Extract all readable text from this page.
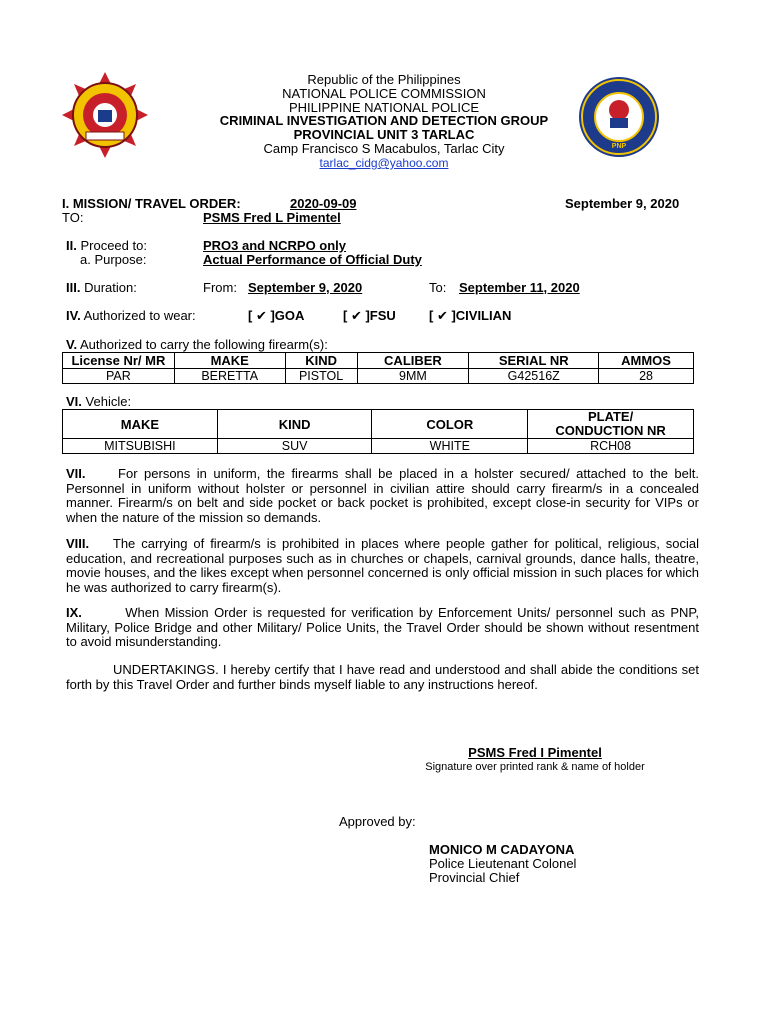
PNP
Republic of the Philippines
NATIONAL POLICE COMMISSION
PHILIPPINE NATIONAL POLICE
CRIMINAL INVESTIGATION AND DETECTION GROUP
PROVINCIAL UNIT 3 TARLAC
Camp Francisco S Macabulos, Tarlac City
tarlac_cidg@yahoo.com
I. MISSION/ TRAVEL ORDER:	2020-09-09	September 9, 2020
TO:	PSMS Fred L Pimentel
II. Proceed to:	PRO3 and NCRPO only
a. Purpose:	Actual Performance of Official Duty
III. Duration:	From: September 9, 2020	To: September 11, 2020
IV. Authorized to wear:	[ ✔ ]GOA	[ ✔ ]FSU	[ ✔ ]CIVILIAN
V. Authorized to carry the following firearm(s):
License Nr/ MR	MAKE	KIND	CALIBER	SERIAL NR	AMMOS
PAR	BERETTA	PISTOL	9MM	G42516Z	28
VI. Vehicle:
MAKE	KIND	COLOR	PLATE/
CONDUCTION NR
MITSUBISHI	SUV	WHITE	RCH08
VII.	For persons in uniform, the firearms shall be placed in a holster secured/ attached to the belt. Personnel in uniform without holster or personnel in civilian attire should carry firearm/s in a concealed manner. Firearm/s on belt and side pocket or back pocket is prohibited, except close-in security for VIPs or when the nature of the mission so demands.
VIII. The carrying of firearm/s is prohibited in places where people gather for political, religious, social education, and recreational purposes such as in churches or chapels, carnival grounds, dance halls, theatre, movie houses, and the likes except when personnel concerned is only official mission in such places for which he was authorized to carry firearm(s).
IX.	When Mission Order is requested for verification by Enforcement Units/ personnel such as PNP, Military, Police Bridge and other Military/ Police Units, the Travel Order should be shown without resentment to avoid misunderstanding.
UNDERTAKINGS. I hereby certify that I have read and understood and shall abide the conditions set forth by this Travel Order and further binds myself liable to any instructions hereof.
PSMS Fred I Pimentel
Signature over printed rank & name of holder
Approved by:
MONICO M CADAYONA
Police Lieutenant Colonel
Provincial Chief
